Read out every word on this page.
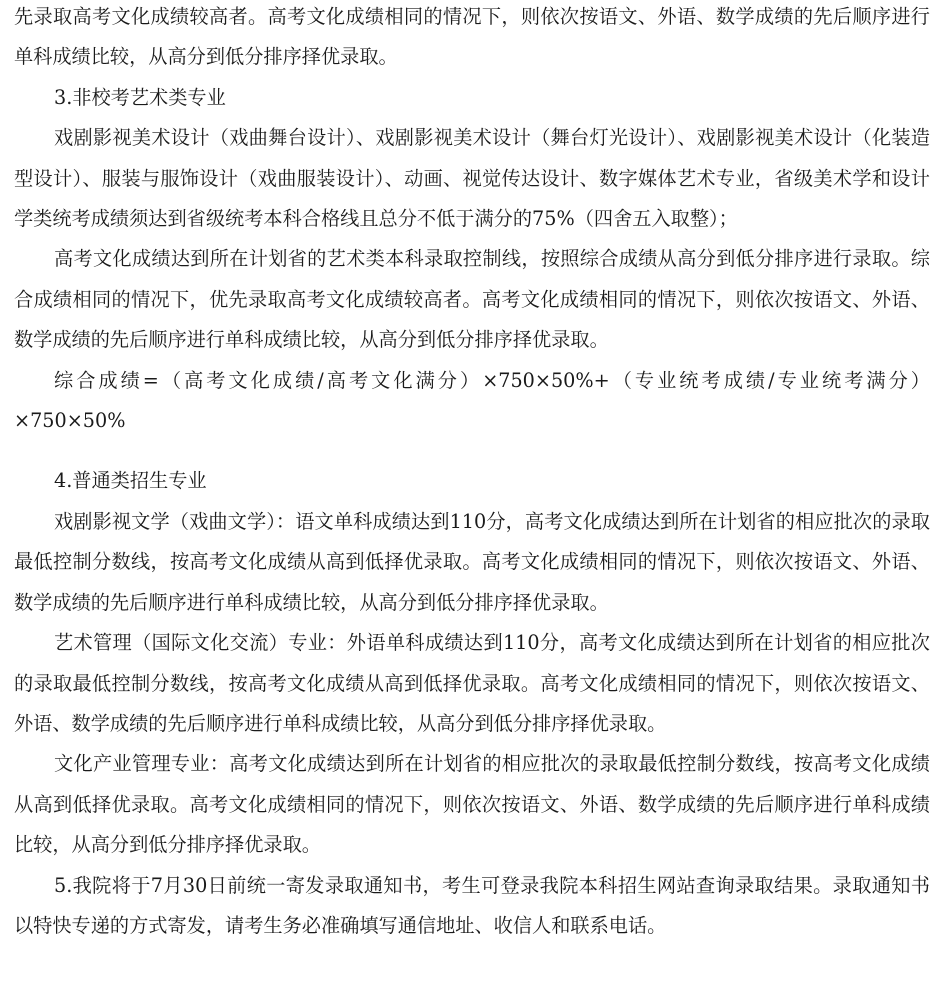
先录取高考文化成绩较高者。高考文化成绩相同的情况下，则依次按语文、外语、数学成绩的先后顺序进行单科成绩比较，从高分到低分排序择优录取。

3.非校考艺术类专业

戏剧影视美术设计（戏曲舞台设计）、戏剧影视美术设计（舞台灯光设计）、戏剧影视美术设计（化装造型设计）、服装与服饰设计（戏曲服装设计）、动画、视觉传达设计、数字媒体艺术专业，省级美术学和设计学类统考成绩须达到省级统考本科合格线且总分不低于满分的75%（四舍五入取整）；

高考文化成绩达到所在计划省的艺术类本科录取控制线，按照综合成绩从高分到低分排序进行录取。综合成绩相同的情况下，优先录取高考文化成绩较高者。高考文化成绩相同的情况下，则依次按语文、外语、数学成绩的先后顺序进行单科成绩比较，从高分到低分排序择优录取。

综合成绩=（高考文化成绩/高考文化满分）×750×50%+（专业统考成绩/专业统考满分）×750×50%

4.普通类招生专业

戏剧影视文学（戏曲文学）：语文单科成绩达到110分，高考文化成绩达到所在计划省的相应批次的录取最低控制分数线，按高考文化成绩从高到低择优录取。高考文化成绩相同的情况下，则依次按语文、外语、数学成绩的先后顺序进行单科成绩比较，从高分到低分排序择优录取。

艺术管理（国际文化交流）专业：外语单科成绩达到110分，高考文化成绩达到所在计划省的相应批次的录取最低控制分数线，按高考文化成绩从高到低择优录取。高考文化成绩相同的情况下，则依次按语文、外语、数学成绩的先后顺序进行单科成绩比较，从高分到低分排序择优录取。

文化产业管理专业：高考文化成绩达到所在计划省的相应批次的录取最低控制分数线，按高考文化成绩从高到低择优录取。高考文化成绩相同的情况下，则依次按语文、外语、数学成绩的先后顺序进行单科成绩比较，从高分到低分排序择优录取。

5.我院将于7月30日前统一寄发录取通知书，考生可登录我院本科招生网站查询录取结果。录取通知书以特快专递的方式寄发，请考生务必准确填写通信地址、收信人和联系电话。
